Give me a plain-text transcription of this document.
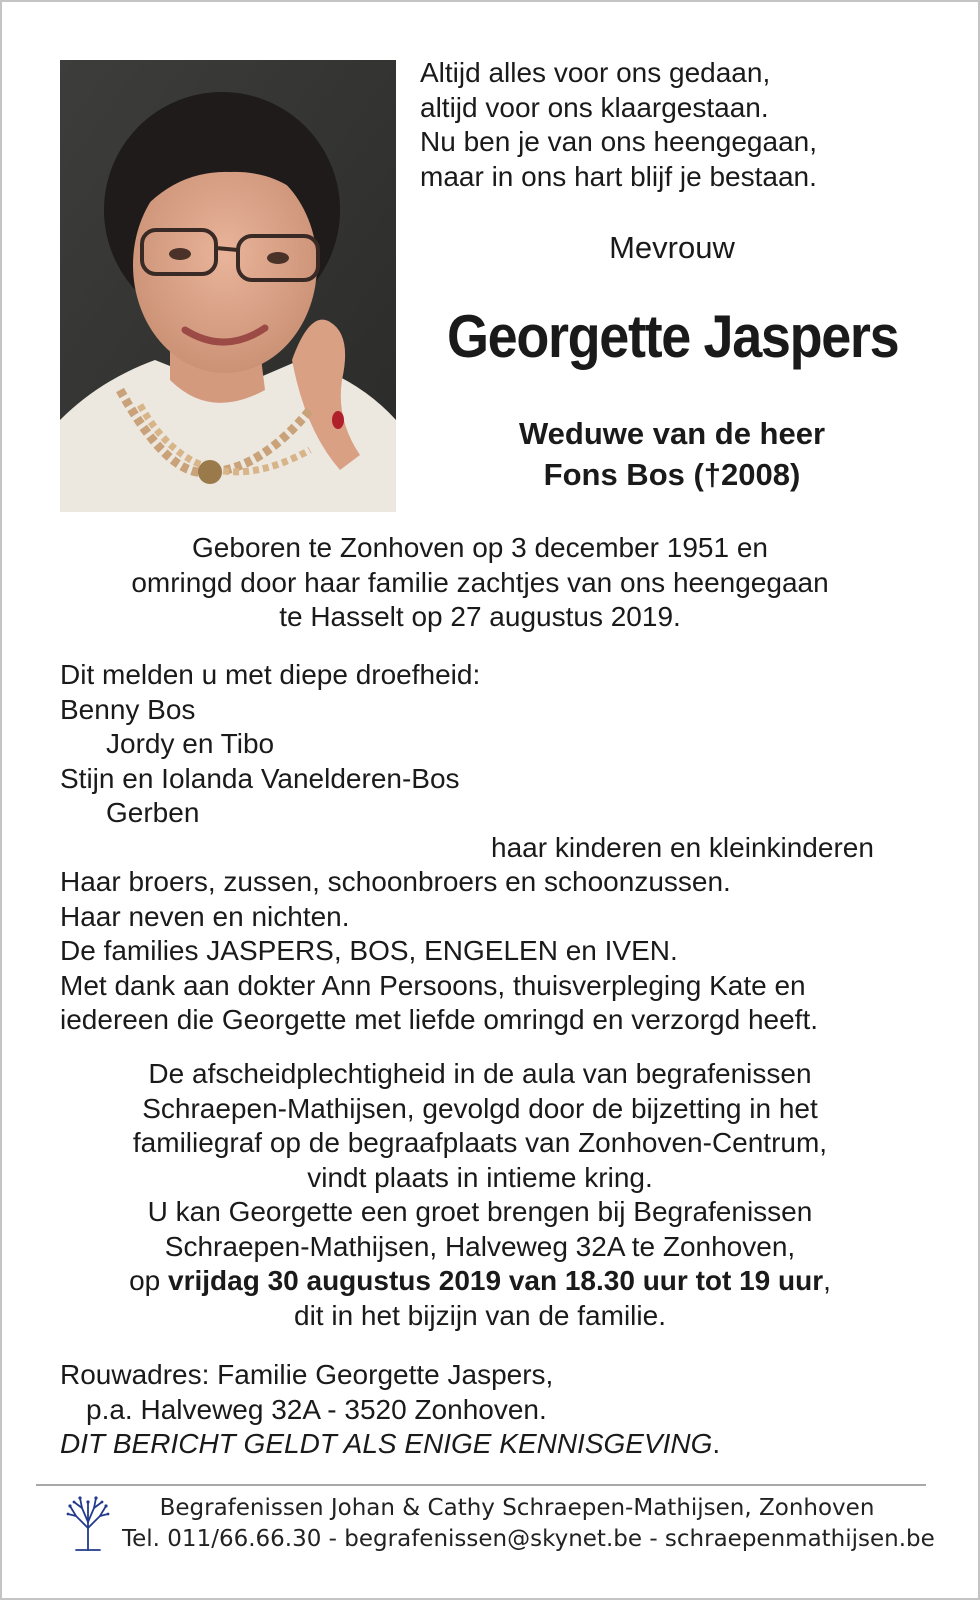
Altijd alles voor ons gedaan,
altijd voor ons klaargestaan.
Nu ben je van ons heengegaan,
maar in ons hart blijf je bestaan.
Mevrouw
Georgette Jaspers
Weduwe van de heer
Fons Bos (†2008)
Geboren te Zonhoven op 3 december 1951 en
omringd door haar familie zachtjes van ons heengegaan
te Hasselt op 27 augustus 2019.
Dit melden u met diepe droefheid:
Benny Bos
Jordy en Tibo
Stijn en Iolanda Vanelderen-Bos
Gerben
haar kinderen en kleinkinderen
Haar broers, zussen, schoonbroers en schoonzussen.
Haar neven en nichten.
De families JASPERS, BOS, ENGELEN en IVEN.
Met dank aan dokter Ann Persoons, thuisverpleging Kate en
iedereen die Georgette met liefde omringd en verzorgd heeft.
De afscheidplechtigheid in de aula van begrafenissen
Schraepen-Mathijsen, gevolgd door de bijzetting in het
familiegraf op de begraafplaats van Zonhoven-Centrum,
vindt plaats in intieme kring.
U kan Georgette een groet brengen bij Begrafenissen
Schraepen-Mathijsen, Halveweg 32A te Zonhoven,
op vrijdag 30 augustus 2019 van 18.30 uur tot 19 uur,
dit in het bijzijn van de familie.
Rouwadres: Familie Georgette Jaspers,
p.a. Halveweg 32A - 3520 Zonhoven.
DIT BERICHT GELDT ALS ENIGE KENNISGEVING.
Begrafenissen Johan & Cathy Schraepen-Mathijsen, Zonhoven
Tel. 011/66.66.30 - begrafenissen@skynet.be - schraepenmathijsen.be
